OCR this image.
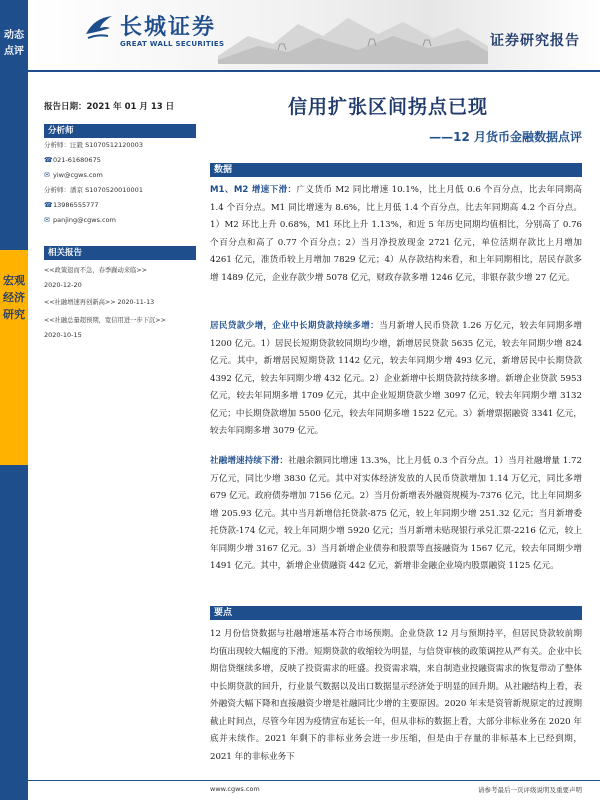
动态点评
宏观经济研究
长城证券
GREAT WALL SECURITIES	证券研究报告
报告日期：2021 年 01 月 13 日
分析师
分析师：汪毅 S1070512120003
☎ 021-61680675
✉ yiw@cgws.com
分析师：潘京 S1070520010001
☎ 13986555777
✉ panjing@cgws.com
相关报告
<<政策退而不急，春季躁动来临>>
2020-12-20
<<社融增速再创新高>> 2020-11-13
<<社融总量超预期，宽信用进一步下沉>>
2020-10-15
信用扩张区间拐点已现
——12 月货币金融数据点评
数据
M1、M2 增速下滑：广义货币 M2 同比增速 10.1%，比上月低 0.6 个百分点，比去年同期高 1.4 个百分点。M1 同比增速为 8.6%，比上月低 1.4 个百分点，比去年同期高 4.2 个百分点。1）M2 环比上升 0.68%，M1 环比上升 1.13%，和近 5 年历史同期均值相比，分别高了 0.76 个百分点和高了 0.77 个百分点；2）当月净投放现金 2721 亿元，单位活期存款比上月增加 4261 亿元，准货币较上月增加 7829 亿元；4）从存款结构来看，和上年同期相比，居民存款多增 1489 亿元，企业存款少增 5078 亿元，财政存款多增 1246 亿元，非银存款少增 27 亿元。
居民贷款少增，企业中长期贷款持续多增：当月新增人民币贷款 1.26 万亿元，较去年同期多增 1200 亿元。1）居民长短期贷款较同期均少增，新增居民贷款 5635 亿元，较去年同期少增 824 亿元。其中，新增居民短期贷款 1142 亿元，较去年同期少增 493 亿元，新增居民中长期贷款 4392 亿元，较去年同期少增 432 亿元。2）企业新增中长期贷款持续多增。新增企业贷款 5953 亿元，较去年同期多增 1709 亿元，其中企业短期贷款少增 3097 亿元，较去年同期少增 3132 亿元；中长期贷款增加 5500 亿元，较去年同期多增 1522 亿元。3）新增票据融资 3341 亿元，较去年同期多增 3079 亿元。
社融增速持续下滑：社融余额同比增速 13.3%，比上月低 0.3 个百分点。1）当月社融增量 1.72 万亿元，同比少增 3830 亿元。其中对实体经济发放的人民币贷款增加 1.14 万亿元，同比多增 679 亿元。政府债券增加 7156 亿元。2）当月份新增表外融资规模为-7376 亿元，比上年同期多增 205.93 亿元。其中当月新增信托贷款-875 亿元，较上年同期少增 251.32 亿元；当月新增委托贷款-174 亿元，较上年同期少增 5920 亿元；当月新增未贴现银行承兑汇票-2216 亿元，较上年同期少增 3167 亿元。3）当月新增企业债券和股票等直接融资为 1567 亿元，较去年同期少增 1491 亿元。其中，新增企业债融资 442 亿元，新增非金融企业境内股票融资 1125 亿元。
要点
12 月份信贷数据与社融增速基本符合市场预期。企业贷款 12 月与预期持平，但居民贷款较前期均值出现较大幅度的下滑。短期贷款的收缩较为明显，与信贷审核的政策调控从严有关。企业中长期信贷继续多增，反映了投资需求的旺盛。投资需求端，来自制造业投融资需求的恢复带动了整体中长期贷款的回升，行业景气数据以及出口数据显示经济处于明显的回升期。从社融结构上看，表外融资大幅下降和直接融资少增是社融同比少增的主要原因。2020 年末是资管新规原定的过渡期截止时间点，尽管今年因为疫情宣布延长一年，但从非标的数据上看，大部分非标业务在 2020 年底并未续作。2021 年剩下的非标业务会进一步压缩，但是由于存量的非标基本上已经到期，2021 年的非标业务下
www.cgws.com	请参考最后一页评级说明及重要声明
